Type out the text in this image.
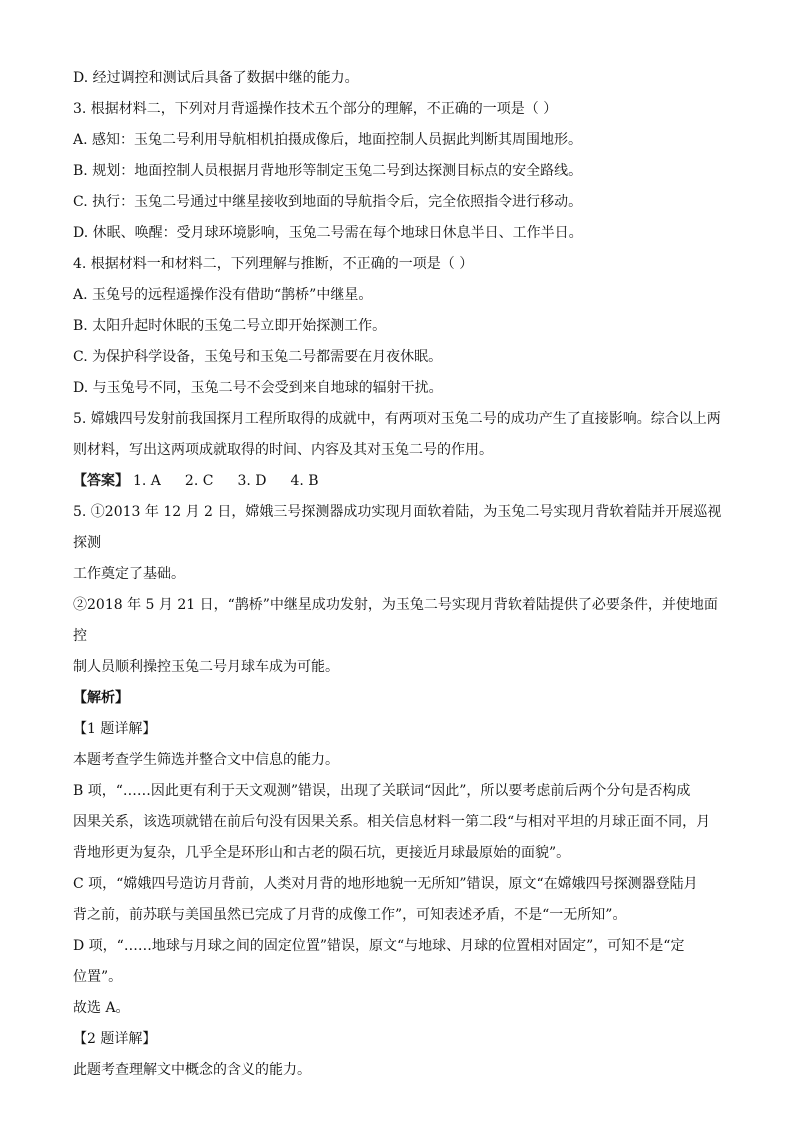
D. 经过调控和测试后具备了数据中继的能力。

3. 根据材料二，下列对月背遥操作技术五个部分的理解，不正确的一项是（ ）

A. 感知：玉兔二号利用导航相机拍摄成像后，地面控制人员据此判断其周围地形。

B. 规划：地面控制人员根据月背地形等制定玉兔二号到达探测目标点的安全路线。

C. 执行：玉兔二号通过中继星接收到地面的导航指令后，完全依照指令进行移动。

D. 休眠、唤醒：受月球环境影响，玉兔二号需在每个地球日休息半日、工作半日。

4. 根据材料一和材料二，下列理解与推断，不正确的一项是（ ）

A. 玉兔号的远程遥操作没有借助“鹊桥”中继星。

B. 太阳升起时休眠的玉兔二号立即开始探测工作。

C. 为保护科学设备，玉兔号和玉兔二号都需要在月夜休眠。

D. 与玉兔号不同，玉兔二号不会受到来自地球的辐射干扰。

5. 嫦娥四号发射前我国探月工程所取得的成就中，有两项对玉兔二号的成功产生了直接影响。综合以上两

则材料，写出这两项成就取得的时间、内容及其对玉兔二号的作用。

【答案】 1. A 2. C 3. D 4. B

5. ①2013 年 12 月 2 日，嫦娥三号探测器成功实现月面软着陆，为玉兔二号实现月背软着陆并开展巡视探测

工作奠定了基础。

②2018 年 5 月 21 日，“鹊桥”中继星成功发射，为玉兔二号实现月背软着陆提供了必要条件，并使地面控

制人员顺利操控玉兔二号月球车成为可能。

【解析】

【1 题详解】

本题考查学生筛选并整合文中信息的能力。

B 项，“……因此更有利于天文观测”错误，出现了关联词“因此”，所以要考虑前后两个分句是否构成

因果关系，该选项就错在前后句没有因果关系。相关信息材料一第二段“与相对平坦的月球正面不同，月

背地形更为复杂，几乎全是环形山和古老的陨石坑，更接近月球最原始的面貌”。

C 项，“嫦娥四号造访月背前，人类对月背的地形地貌一无所知”错误，原文“在嫦娥四号探测器登陆月

背之前，前苏联与美国虽然已完成了月背的成像工作”，可知表述矛盾，不是“一无所知”。

D 项，“……地球与月球之间的固定位置”错误，原文“与地球、月球的位置相对固定”，可知不是“定

位置”。

故选 A。

【2 题详解】

此题考查理解文中概念的含义的能力。
